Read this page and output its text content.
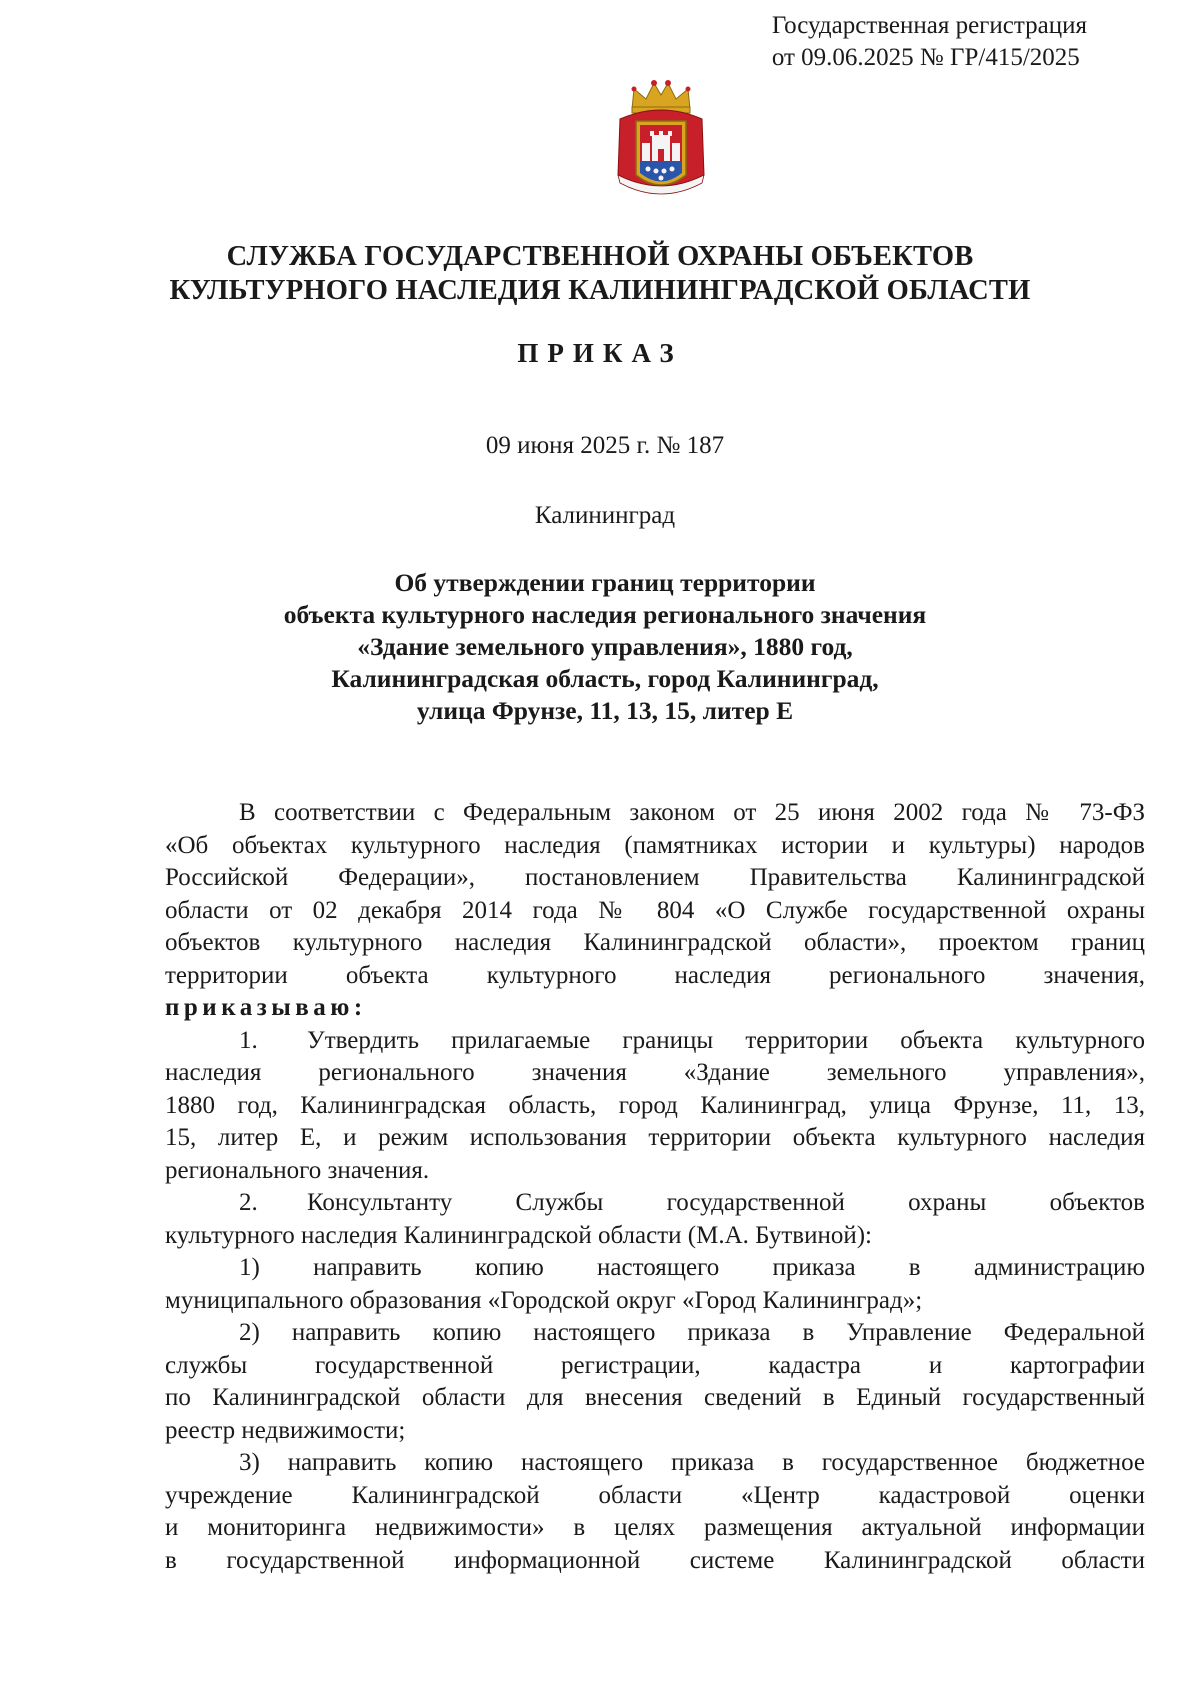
Государственная регистрация
от 09.06.2025 № ГР/415/2025
СЛУЖБА ГОСУДАРСТВЕННОЙ ОХРАНЫ ОБЪЕКТОВ
КУЛЬТУРНОГО НАСЛЕДИЯ КАЛИНИНГРАДСКОЙ ОБЛАСТИ
ПРИКАЗ
09 июня 2025 г. № 187
Калининград
Об утверждении границ территории
объекта культурного наследия регионального значения
«Здание земельного управления», 1880 год,
Калининградская область, город Калининград,
улица Фрунзе, 11, 13, 15, литер Е

В соответствии с Федеральным законом от 25 июня 2002 года № 73-ФЗ

«Об объектах культурного наследия (памятниках истории и культуры) народов

Российской Федерации», постановлением Правительства Калининградской

области от 02 декабря 2014 года № 804 «О Службе государственной охраны

объектов культурного наследия Калининградской области», проектом границ

территории объекта культурного наследия регионального значения,

приказываю:

1. Утвердить прилагаемые границы территории объекта культурного

наследия регионального значения «Здание земельного управления»,

1880 год, Калининградская область, город Калининград, улица Фрунзе, 11, 13,

15, литер Е, и режим использования территории объекта культурного наследия

регионального значения.

2. Консультанту Службы государственной охраны объектов

культурного наследия Калининградской области (М.А. Бутвиной):

1) направить копию настоящего приказа в администрацию

муниципального образования «Городской округ «Город Калининград»;

2) направить копию настоящего приказа в Управление Федеральной

службы государственной регистрации, кадастра и картографии

по Калининградской области для внесения сведений в Единый государственный

реестр недвижимости;

3) направить копию настоящего приказа в государственное бюджетное

учреждение Калининградской области «Центр кадастровой оценки

и мониторинга недвижимости» в целях размещения актуальной информации

в государственной информационной системе Калининградской области
